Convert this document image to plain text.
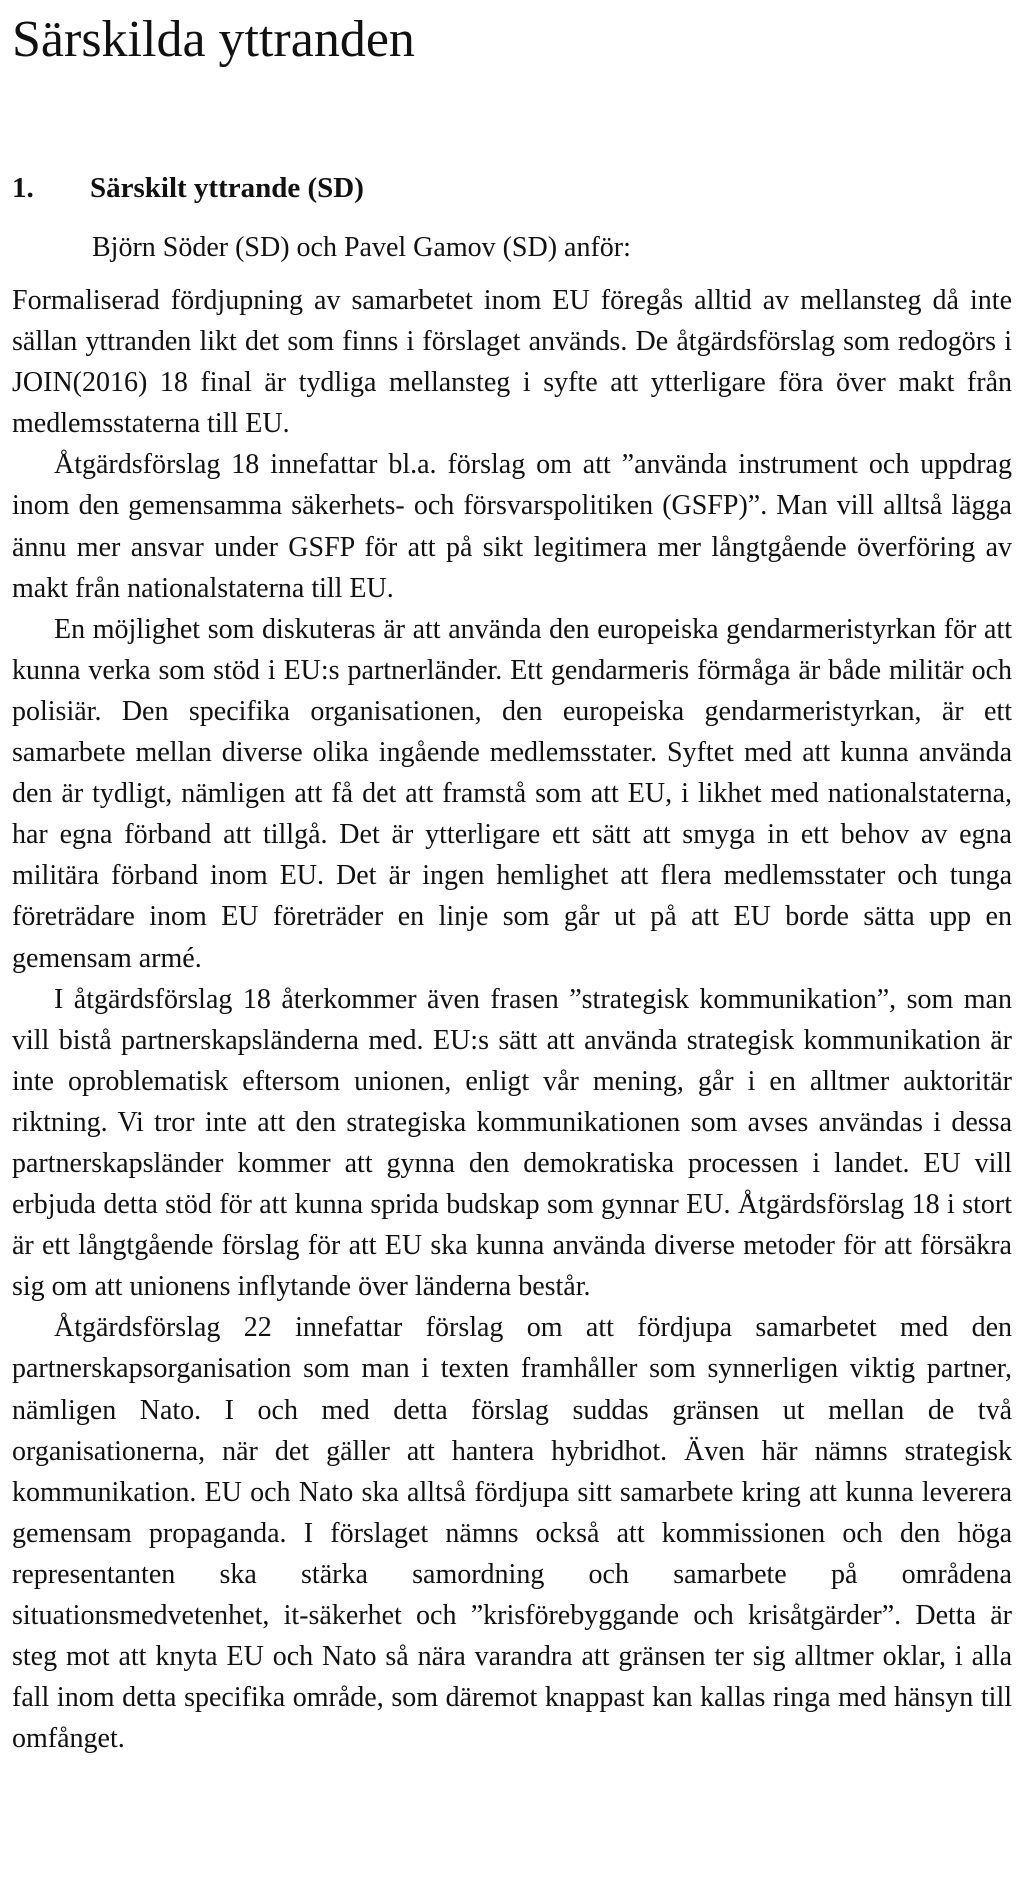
Särskilda yttranden
1. Särskilt yttrande (SD)
Björn Söder (SD) och Pavel Gamov (SD) anför:

Formaliserad fördjupning av samarbetet inom EU föregås alltid av mellansteg då inte sällan yttranden likt det som finns i förslaget används. De åtgärdsförslag som redogörs i JOIN(2016) 18 final är tydliga mellansteg i syfte att ytterligare föra över makt från medlemsstaterna till EU.

Åtgärdsförslag 18 innefattar bl.a. förslag om att ”använda instrument och uppdrag inom den gemensamma säkerhets- och försvarspolitiken (GSFP)”. Man vill alltså lägga ännu mer ansvar under GSFP för att på sikt legitimera mer långtgående överföring av makt från nationalstaterna till EU.

En möjlighet som diskuteras är att använda den europeiska gendarmeristyrkan för att kunna verka som stöd i EU:s partnerländer. Ett gendarmeris förmåga är både militär och polisiär. Den specifika organisationen, den europeiska gendarmeristyrkan, är ett samarbete mellan diverse olika ingående medlemsstater. Syftet med att kunna använda den är tydligt, nämligen att få det att framstå som att EU, i likhet med nationalstaterna, har egna förband att tillgå. Det är ytterligare ett sätt att smyga in ett behov av egna militära förband inom EU. Det är ingen hemlighet att flera medlemsstater och tunga företrädare inom EU företräder en linje som går ut på att EU borde sätta upp en gemensam armé.

I åtgärdsförslag 18 återkommer även frasen ”strategisk kommunikation”, som man vill bistå partnerskapsländerna med. EU:s sätt att använda strategisk kommunikation är inte oproblematisk eftersom unionen, enligt vår mening, går i en alltmer auktoritär riktning. Vi tror inte att den strategiska kommunikationen som avses användas i dessa partnerskapsländer kommer att gynna den demokratiska processen i landet. EU vill erbjuda detta stöd för att kunna sprida budskap som gynnar EU. Åtgärdsförslag 18 i stort är ett långtgående förslag för att EU ska kunna använda diverse metoder för att försäkra sig om att unionens inflytande över länderna består.

Åtgärdsförslag 22 innefattar förslag om att fördjupa samarbetet med den partnerskapsorganisation som man i texten framhåller som synnerligen viktig partner, nämligen Nato. I och med detta förslag suddas gränsen ut mellan de två organisationerna, när det gäller att hantera hybridhot. Även här nämns strategisk kommunikation. EU och Nato ska alltså fördjupa sitt samarbete kring att kunna leverera gemensam propaganda. I förslaget nämns också att kommissionen och den höga representanten ska stärka samordning och samarbete på områdena situationsmedvetenhet, it-säkerhet och ”krisförebyggande och krisåtgärder”. Detta är steg mot att knyta EU och Nato så nära varandra att gränsen ter sig alltmer oklar, i alla fall inom detta specifika område, som däremot knappast kan kallas ringa med hänsyn till omfånget.
